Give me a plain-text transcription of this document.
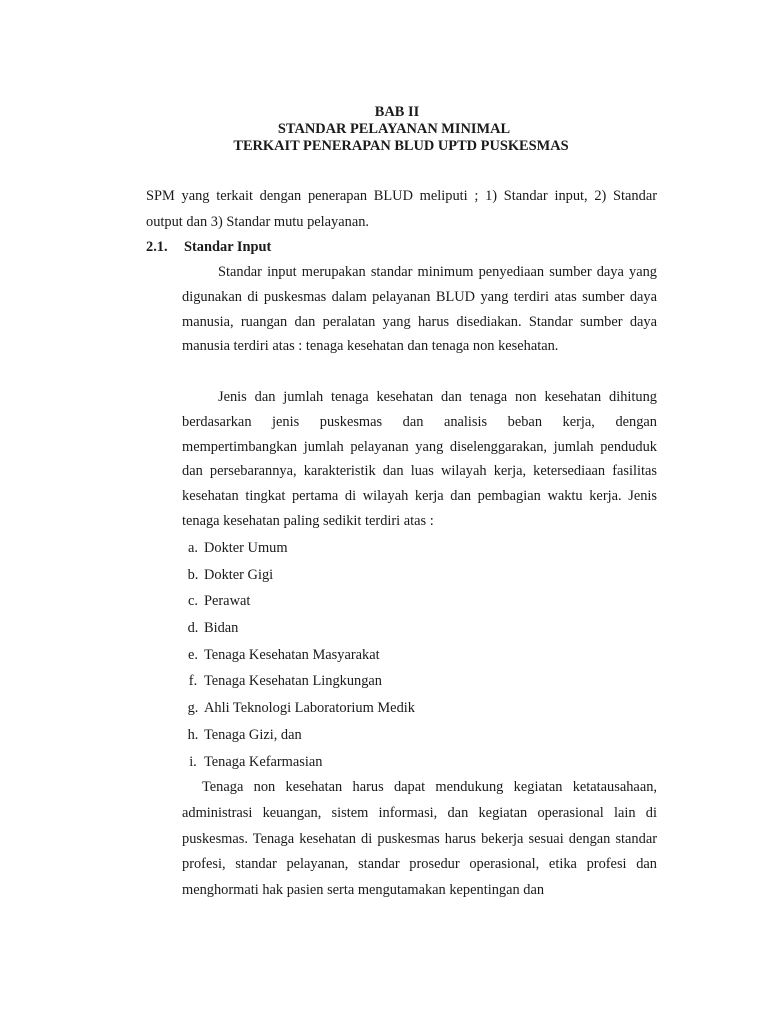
BAB II
STANDAR PELAYANAN MINIMAL
TERKAIT PENERAPAN BLUD UPTD PUSKESMAS

SPM yang terkait dengan penerapan BLUD meliputi ; 1) Standar input, 2) Standar output dan 3) Standar mutu pelayanan.

2.1. Standar Input

Standar input merupakan standar minimum penyediaan sumber daya yang digunakan di puskesmas dalam pelayanan BLUD yang terdiri atas sumber daya manusia, ruangan dan peralatan yang harus disediakan. Standar sumber daya manusia terdiri atas : tenaga kesehatan dan tenaga non kesehatan.

Jenis dan jumlah tenaga kesehatan dan tenaga non kesehatan dihitung berdasarkan jenis puskesmas dan analisis beban kerja, dengan mempertimbangkan jumlah pelayanan yang diselenggarakan, jumlah penduduk dan persebarannya, karakteristik dan luas wilayah kerja, ketersediaan fasilitas kesehatan tingkat pertama di wilayah kerja dan pembagian waktu kerja. Jenis tenaga kesehatan paling sedikit terdiri atas :

a. Dokter Umum
b. Dokter Gigi
c. Perawat
d. Bidan
e. Tenaga Kesehatan Masyarakat
f. Tenaga Kesehatan Lingkungan
g. Ahli Teknologi Laboratorium Medik
h. Tenaga Gizi, dan
i. Tenaga Kefarmasian

Tenaga non kesehatan harus dapat mendukung kegiatan ketatausahaan, administrasi keuangan, sistem informasi, dan kegiatan operasional lain di puskesmas. Tenaga kesehatan di puskesmas harus bekerja sesuai dengan standar profesi, standar pelayanan, standar prosedur operasional, etika profesi dan menghormati hak pasien serta mengutamakan kepentingan dan
